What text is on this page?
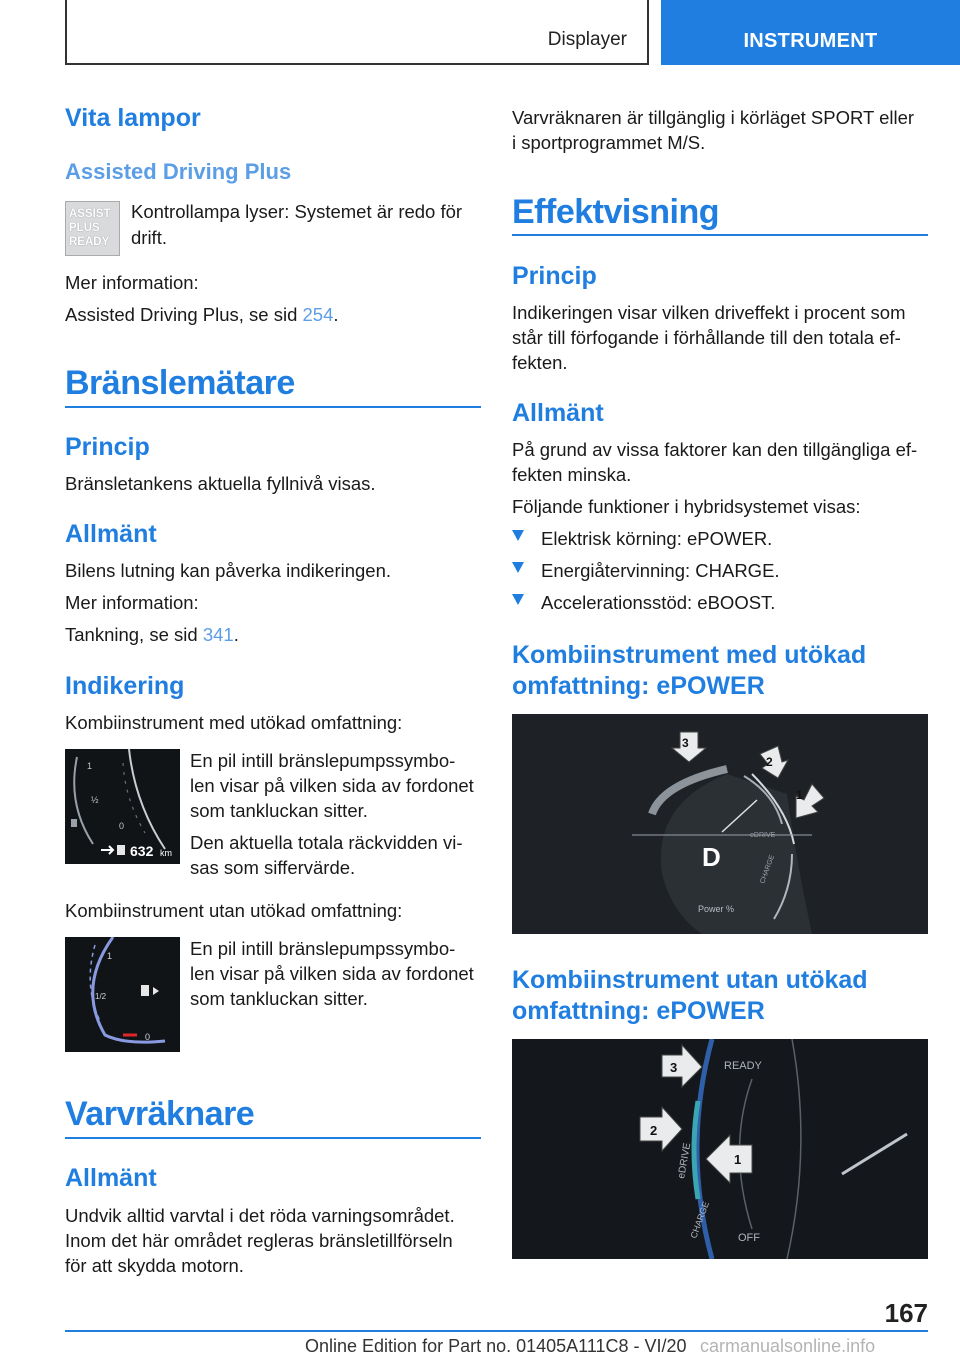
Displayer	INSTRUMENT
Vita lampor
Assisted Driving Plus
ASSIST
PLUS
READY
Kontrollampa lyser: Systemet är redo för
drift.
Mer information:
Assisted Driving Plus, se sid 254.
Bränslemätare
Princip
Bränsletankens aktuella fyllnivå visas.
Allmänt
Bilens lutning kan påverka indikeringen.
Mer information:
Tankning, se sid 341.
Indikering
Kombiinstrument med utökad omfattning:
1
½
0
632 km
En pil intill bränslepumpssymbo-
len visar på vilken sida av fordonet
som tankluckan sitter.
Den aktuella totala räckvidden vi-
sas som siffervärde.
Kombiinstrument utan utökad omfattning:
1
1/2
0
En pil intill bränslepumpssymbo-
len visar på vilken sida av fordonet
som tankluckan sitter.
Varvräknare
Allmänt
Undvik alltid varvtal i det röda varningsområdet.
Inom det här området regleras bränsletillförseln
för att skydda motorn.
Varvräknaren är tillgänglig i körläget SPORT eller
i sportprogrammet M/S.
Effektvisning
Princip
Indikeringen visar vilken driveffekt i procent som
står till förfogande i förhållande till den totala ef-
fekten.
Allmänt
På grund av vissa faktorer kan den tillgängliga ef-
fekten minska.
Följande funktioner i hybridsystemet visas:
Elektrisk körning: ePOWER.
Energiåtervinning: CHARGE.
Accelerationsstöd: eBOOST.
Kombiinstrument med utökad
omfattning: ePOWER
D
eDRIVE
CHARGE
Power %
3
2
1
Kombiinstrument utan utökad
omfattning: ePOWER
READY
eDRIVE
CHARGE OFF
3
2
1
167
Online Edition for Part no. 01405A111C8 - VI/20 carmanualsonline.info
